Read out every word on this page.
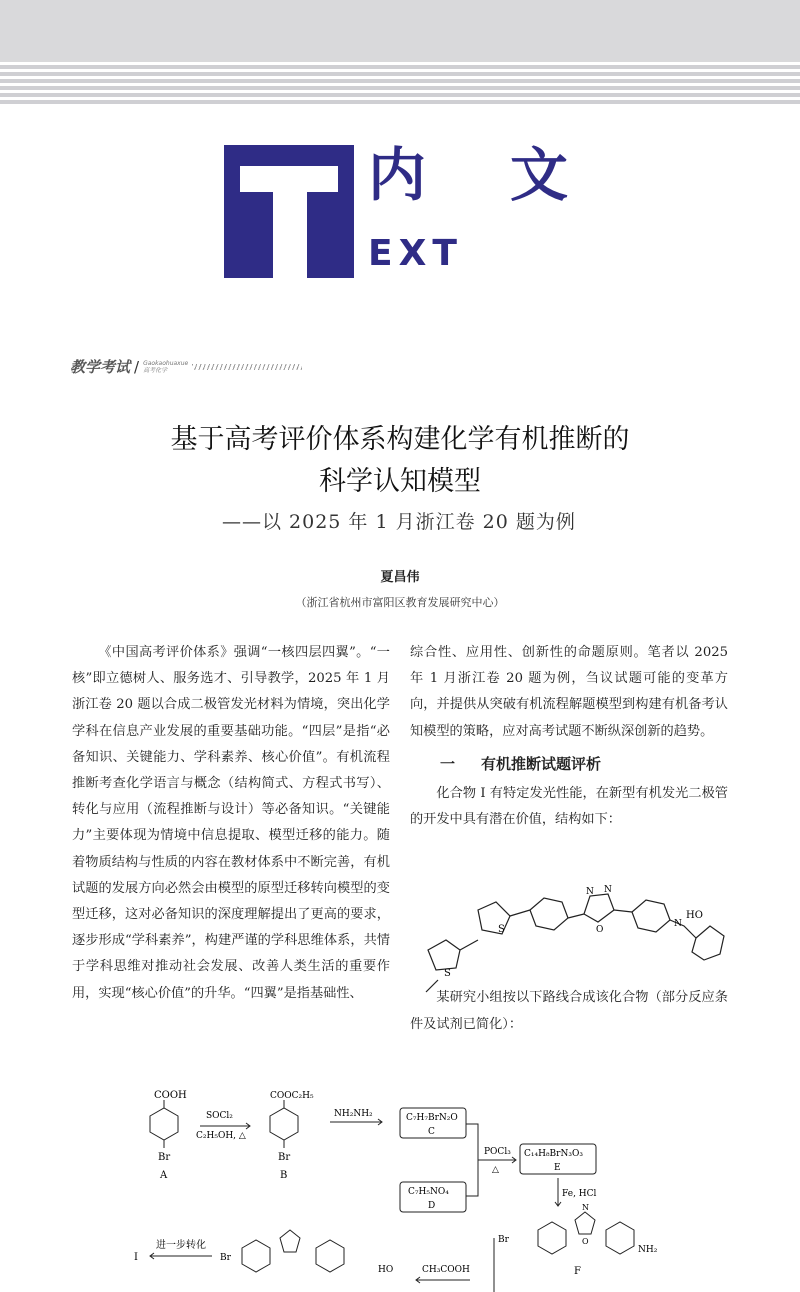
内 文
EXT
教学考试 / Gaokaohuaxue
高考化学
基于高考评价体系构建化学有机推断的
科学认知模型
——以 2025 年 1 月浙江卷 20 题为例
夏昌伟
（浙江省杭州市富阳区教育发展研究中心）

《中国高考评价体系》强调“一核四层四翼”。“一核”即立德树人、服务选才、引导教学，2025 年 1 月浙江卷 20 题以合成二极管发光材料为情境，突出化学学科在信息产业发展的重要基础功能。“四层”是指“必备知识、关键能力、学科素养、核心价值”。有机流程推断考查化学语言与概念（结构简式、方程式书写）、转化与应用（流程推断与设计）等必备知识。“关键能力”主要体现为情境中信息提取、模型迁移的能力。随着物质结构与性质的内容在教材体系中不断完善，有机试题的发展方向必然会由模型的原型迁移转向模型的变型迁移，这对必备知识的深度理解提出了更高的要求，逐步形成“学科素养”，构建严谨的学科思维体系，共情于学科思维对推动社会发展、改善人类生活的重要作用，实现“核心价值”的升华。“四翼”是指基础性、

综合性、应用性、创新性的命题原则。笔者以 2025 年 1 月浙江卷 20 题为例，刍议试题可能的变革方向，并提供从突破有机流程解题模型到构建有机备考认知模型的策略，应对高考试题不断纵深创新的趋势。

一 有机推断试题评析

化合物 I 有特定发光性能，在新型有机发光二极管的开发中具有潜在价值，结构如下：

某研究小组按以下路线合成该化合物（部分反应条件及试剂已简化）：

S
S
N N
O
N
HO
COOH
Br
A
SOCl₂
C₂H₅OH, △
COOC₂H₅
Br
B
NH₂NH₂	C₇H₇BrN₂O
C
C₇H₅NO₄
D
POCl₃
△
C₁₄H₈BrN₃O₃
E
Fe, HCl
Br
N
O
NH₂
F
进一步转化
I	Br
HO	CH₃COOH
